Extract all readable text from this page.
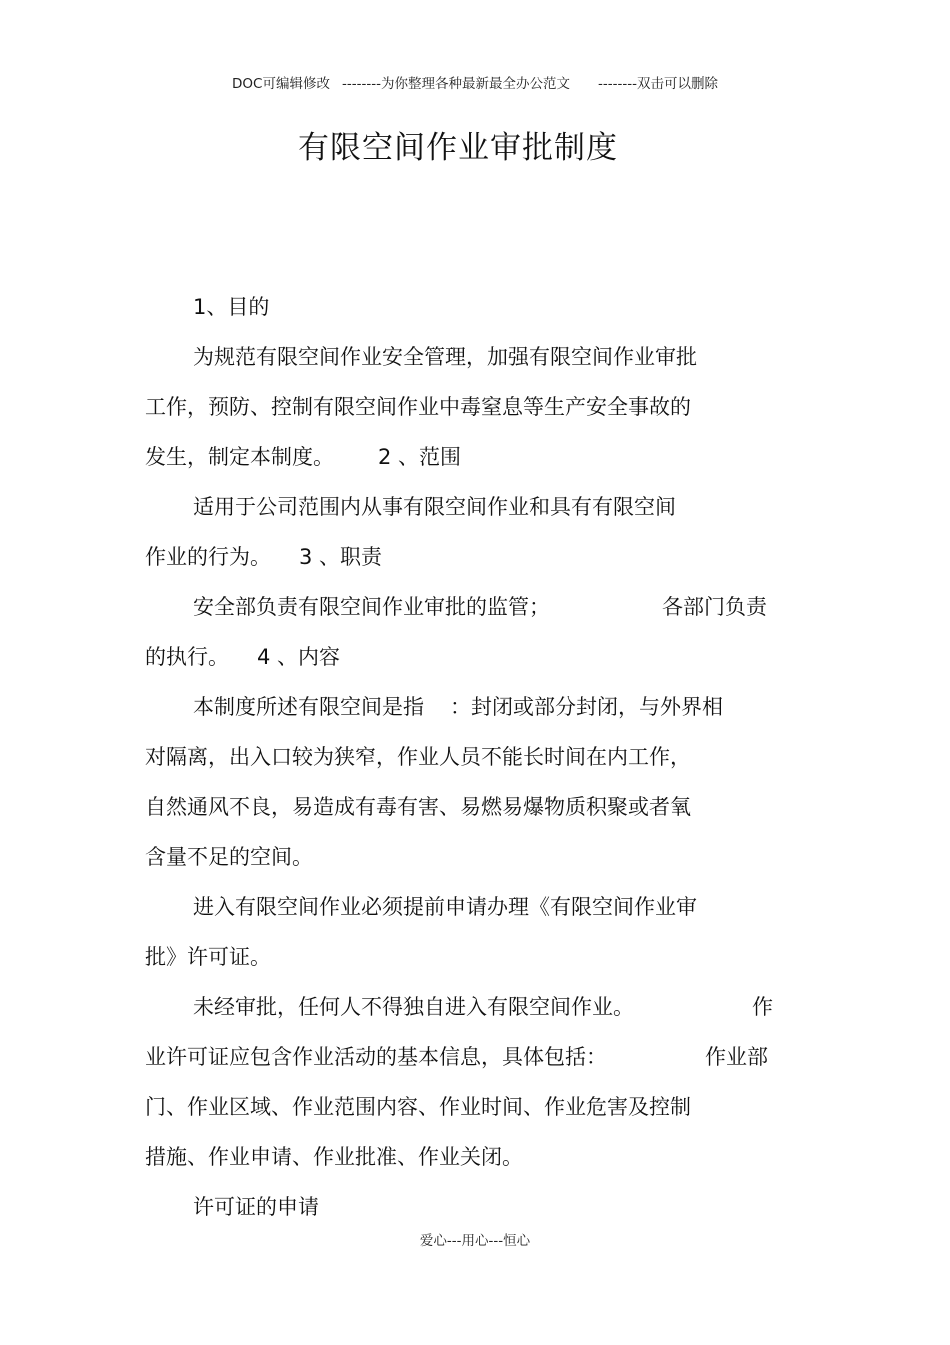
DOC可编辑修改 --------为你整理各种最新最全办公范文 --------双击可以删除
有限空间作业审批制度
1、目的
为规范有限空间作业安全管理，加强有限空间作业审批
工作，预防、控制有限空间作业中毒窒息等生产安全事故的
发生，制定本制度。 2 、范围
适用于公司范围内从事有限空间作业和具有有限空间
作业的行为。 3 、职责
安全部负责有限空间作业审批的监管；	各部门负责
的执行。 4 、内容
本制度所述有限空间是指 ：封闭或部分封闭，与外界相
对隔离，出入口较为狭窄，作业人员不能长时间在内工作，
自然通风不良，易造成有毒有害、易燃易爆物质积聚或者氧
含量不足的空间。
进入有限空间作业必须提前申请办理《有限空间作业审
批》许可证。
未经审批，任何人不得独自进入有限空间作业。	作
业许可证应包含作业活动的基本信息，具体包括：	作业部
门、作业区域、作业范围内容、作业时间、作业危害及控制
措施、作业申请、作业批准、作业关闭。
许可证的申请
爱心---用心---恒心
